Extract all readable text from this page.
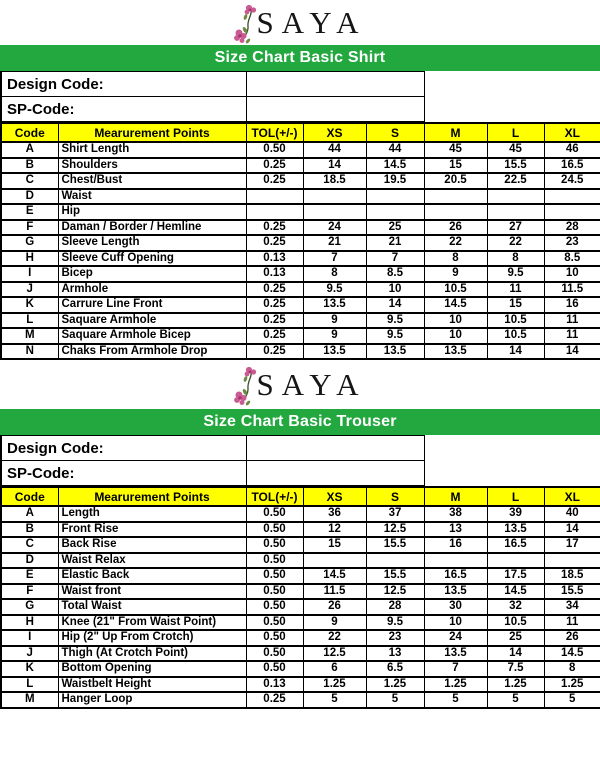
SAYA
Size Chart Basic Shirt
Design Code:		
SP-Code:		
Code	Mearurement Points	TOL(+/-)	XS	S	M	L	XL
A	Shirt Length	0.50	44	44	45	45	46
B	Shoulders	0.25	14	14.5	15	15.5	16.5
C	Chest/Bust	0.25	18.5	19.5	20.5	22.5	24.5
D	Waist						
E	Hip						
F	Daman / Border / Hemline	0.25	24	25	26	27	28
G	Sleeve Length	0.25	21	21	22	22	23
H	Sleeve Cuff Opening	0.13	7	7	8	8	8.5
I	Bicep	0.13	8	8.5	9	9.5	10
J	Armhole	0.25	9.5	10	10.5	11	11.5
K	Carrure Line Front	0.25	13.5	14	14.5	15	16
L	Saquare Armhole	0.25	9	9.5	10	10.5	11
M	Saquare Armhole Bicep	0.25	9	9.5	10	10.5	11
N	Chaks From Armhole Drop	0.25	13.5	13.5	13.5	14	14
SAYA
Size Chart Basic Trouser
Design Code:		
SP-Code:		
Code	Mearurement Points	TOL(+/-)	XS	S	M	L	XL
A	Length	0.50	36	37	38	39	40
B	Front Rise	0.50	12	12.5	13	13.5	14
C	Back Rise	0.50	15	15.5	16	16.5	17
D	Waist Relax	0.50					
E	Elastic Back	0.50	14.5	15.5	16.5	17.5	18.5
F	Waist front	0.50	11.5	12.5	13.5	14.5	15.5
G	Total Waist	0.50	26	28	30	32	34
H	Knee (21" From Waist Point)	0.50	9	9.5	10	10.5	11
I	Hip (2" Up From Crotch)	0.50	22	23	24	25	26
J	Thigh (At Crotch Point)	0.50	12.5	13	13.5	14	14.5
K	Bottom Opening	0.50	6	6.5	7	7.5	8
L	Waistbelt Height	0.13	1.25	1.25	1.25	1.25	1.25
M	Hanger Loop	0.25	5	5	5	5	5
